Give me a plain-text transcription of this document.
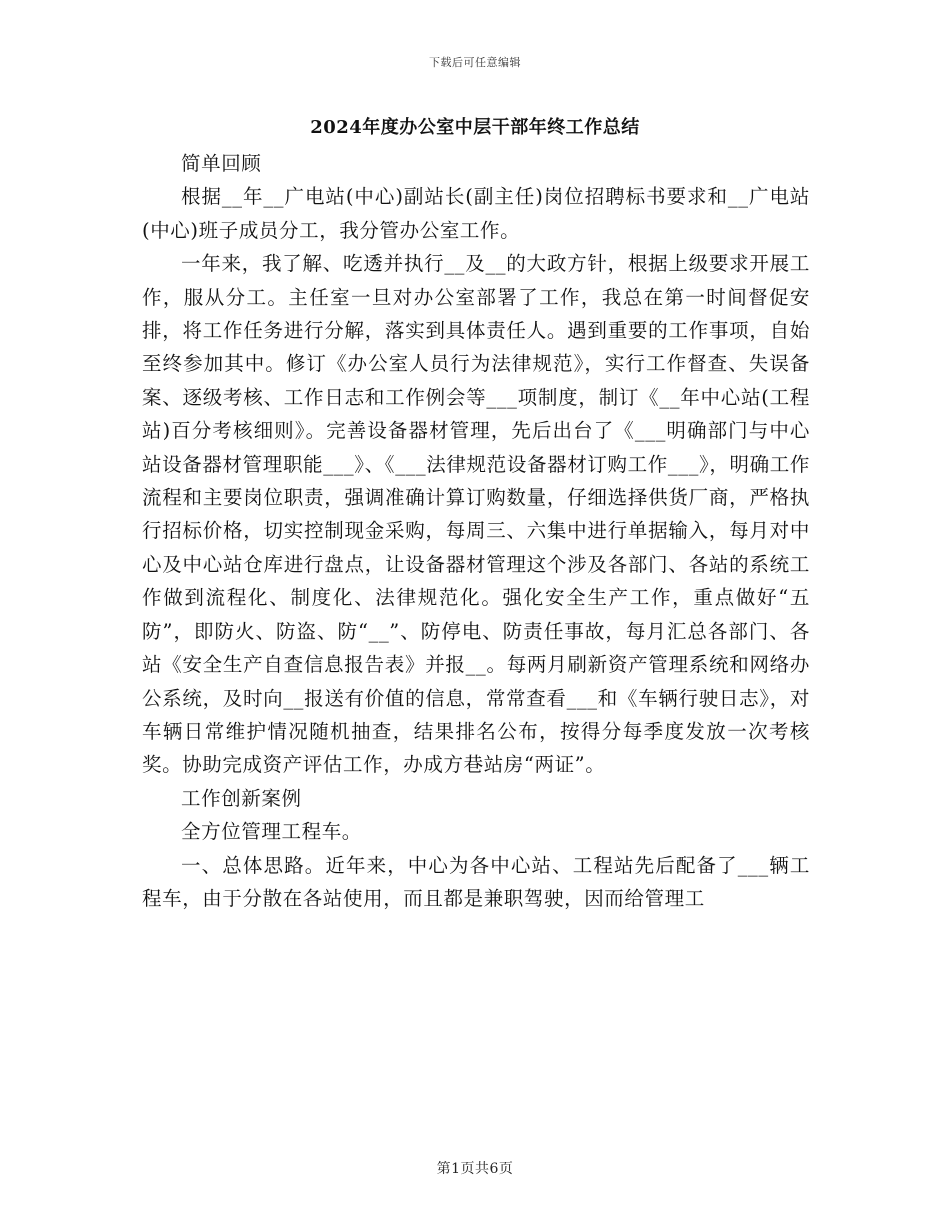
下载后可任意编辑
2024年度办公室中层干部年终工作总结

简单回顾

根据__年__广电站(中心)副站长(副主任)岗位招聘标书要求和__广电站(中心)班子成员分工，我分管办公室工作。

一年来，我了解、吃透并执行__及__的大政方针，根据上级要求开展工作，服从分工。主任室一旦对办公室部署了工作，我总在第一时间督促安排，将工作任务进行分解，落实到具体责任人。遇到重要的工作事项，自始至终参加其中。修订《办公室人员行为法律规范》，实行工作督查、失误备案、逐级考核、工作日志和工作例会等___项制度，制订《__年中心站(工程站)百分考核细则》。完善设备器材管理，先后出台了《___明确部门与中心站设备器材管理职能___》、《___法律规范设备器材订购工作___》，明确工作流程和主要岗位职责，强调准确计算订购数量，仔细选择供货厂商，严格执行招标价格，切实控制现金采购，每周三、六集中进行单据输入，每月对中心及中心站仓库进行盘点，让设备器材管理这个涉及各部门、各站的系统工作做到流程化、制度化、法律规范化。强化安全生产工作，重点做好“五防”，即防火、防盗、防“__”、防停电、防责任事故，每月汇总各部门、各站《安全生产自查信息报告表》并报__。每两月刷新资产管理系统和网络办公系统，及时向__报送有价值的信息，常常查看___和《车辆行驶日志》，对车辆日常维护情况随机抽查，结果排名公布，按得分每季度发放一次考核奖。协助完成资产评估工作，办成方巷站房“两证”。

工作创新案例

全方位管理工程车。

一、总体思路。近年来，中心为各中心站、工程站先后配备了___辆工程车，由于分散在各站使用，而且都是兼职驾驶，因而给管理工

第1页共6页
